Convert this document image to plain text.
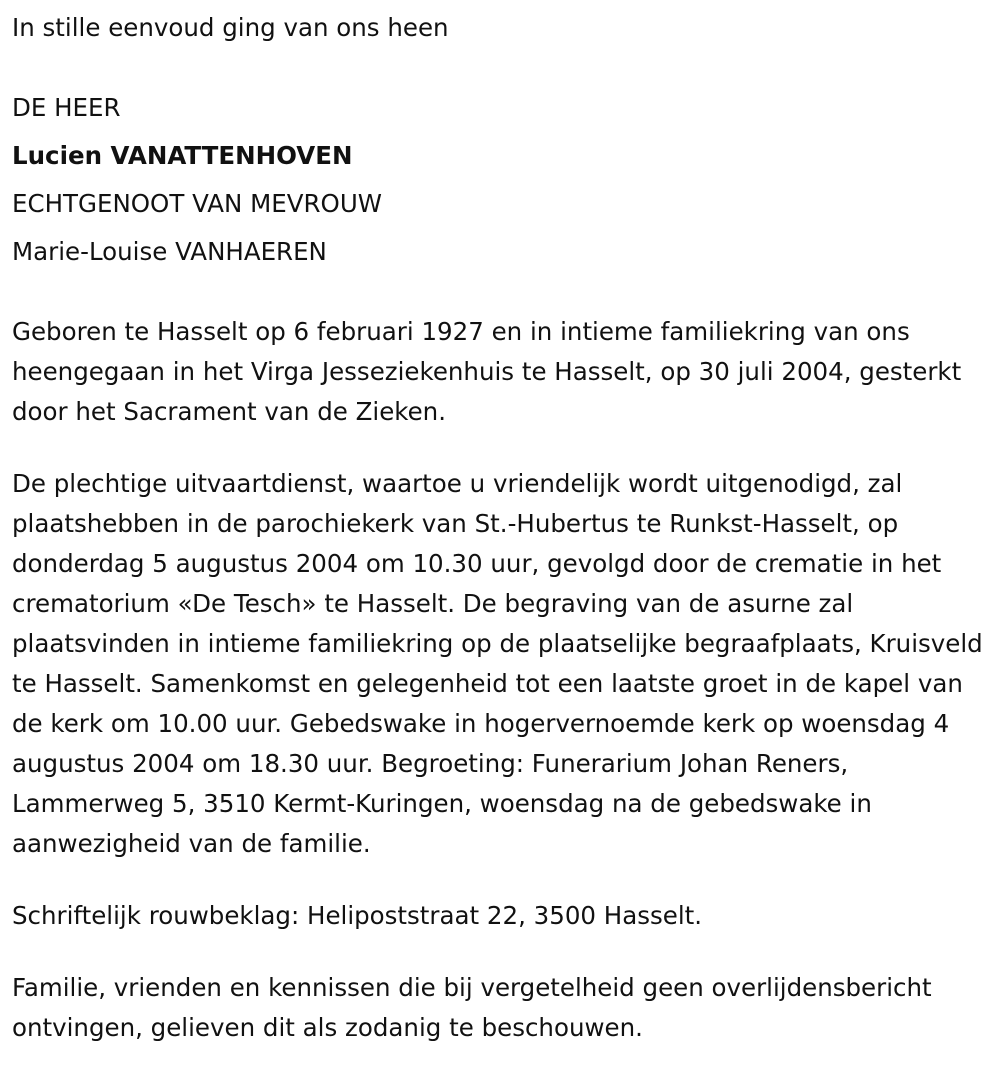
In stille eenvoud ging van ons heen

DE HEER

Lucien VANATTENHOVEN

ECHTGENOOT VAN MEVROUW

Marie-Louise VANHAEREN

Geboren te Hasselt op 6 februari 1927 en in intieme familiekring van ons heengegaan in het Virga Jesseziekenhuis te Hasselt, op 30 juli 2004, gesterkt door het Sacrament van de Zieken.

De plechtige uitvaartdienst, waartoe u vriendelijk wordt uitgenodigd, zal plaatshebben in de parochiekerk van St.-Hubertus te Runkst-Hasselt, op donderdag 5 augustus 2004 om 10.30 uur, gevolgd door de crematie in het crematorium «De Tesch» te Hasselt. De begraving van de asurne zal plaatsvinden in intieme familiekring op de plaatselijke begraafplaats, Kruisveld te Hasselt. Samenkomst en gelegenheid tot een laatste groet in de kapel van de kerk om 10.00 uur. Gebedswake in hogervernoemde kerk op woensdag 4 augustus 2004 om 18.30 uur. Begroeting: Funerarium Johan Reners, Lammerweg 5, 3510 Kermt-Kuringen, woensdag na de gebedswake in aanwezigheid van de familie.

Schriftelijk rouwbeklag: Helipoststraat 22, 3500 Hasselt.

Familie, vrienden en kennissen die bij vergetelheid geen overlijdensbericht ontvingen, gelieven dit als zodanig te beschouwen.
